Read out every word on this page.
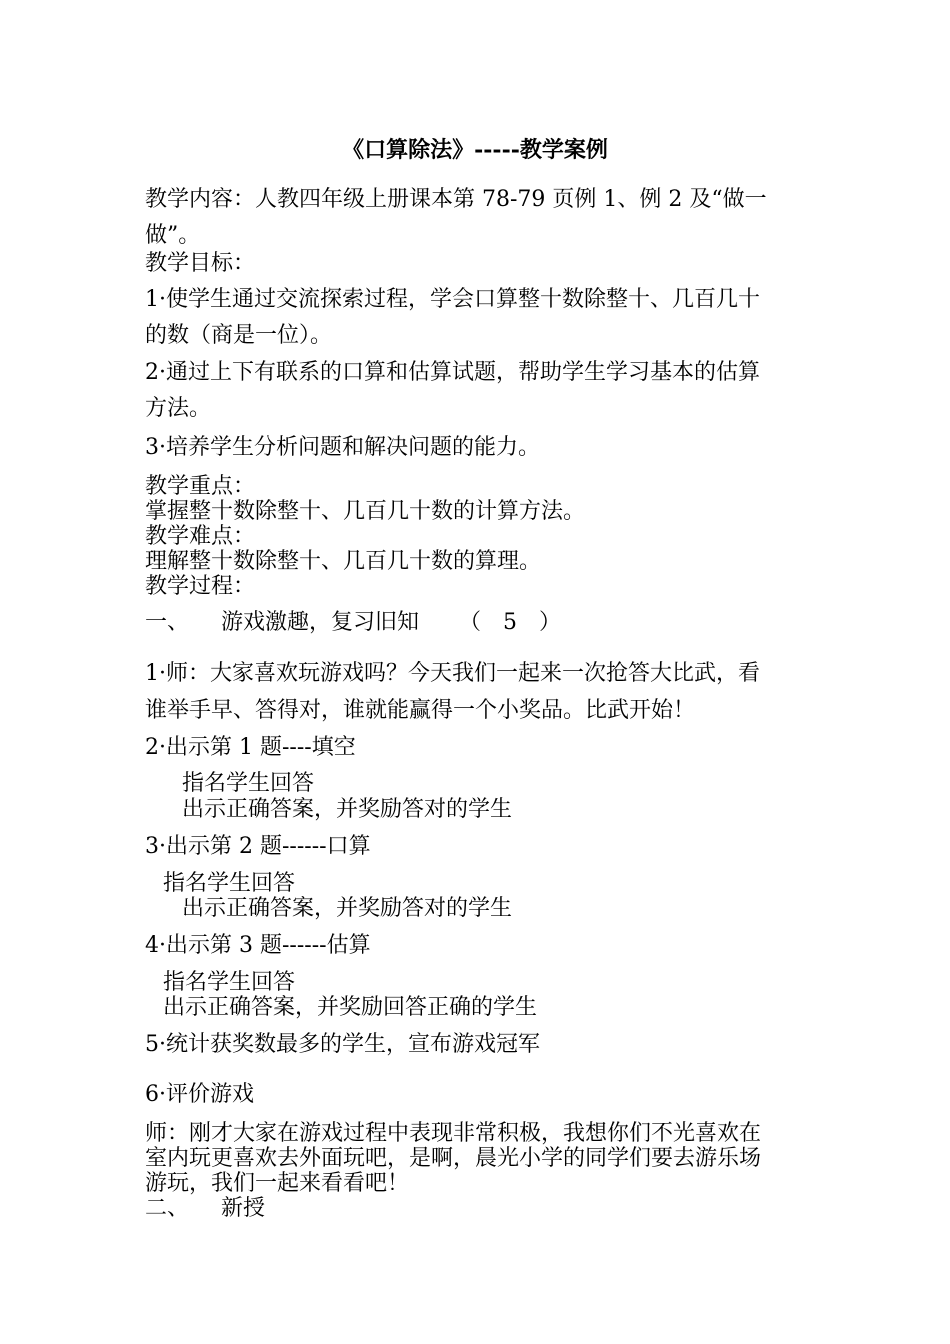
《口算除法》-----教学案例

教学内容：人教四年级上册课本第 78-79 页例 1、例 2 及“做一

做”。

教学目标：

1·使学生通过交流探索过程，学会口算整十数除整十、几百几十

的数（商是一位）。

2·通过上下有联系的口算和估算试题，帮助学生学习基本的估算

方法。

3·培养学生分析问题和解决问题的能力。

教学重点：

掌握整十数除整十、几百几十数的计算方法。

教学难点：

理解整十数除整十、几百几十数的算理。

教学过程：

一、 游戏激趣，复习旧知 （ 5 ）

1·师：大家喜欢玩游戏吗？今天我们一起来一次抢答大比武，看

谁举手早、答得对，谁就能赢得一个小奖品。比武开始！

2·出示第 1 题----填空

指名学生回答

出示正确答案，并奖励答对的学生

3·出示第 2 题------口算

指名学生回答

出示正确答案，并奖励答对的学生

4·出示第 3 题------估算

指名学生回答

出示正确答案，并奖励回答正确的学生

5·统计获奖数最多的学生，宣布游戏冠军

6·评价游戏

师：刚才大家在游戏过程中表现非常积极，我想你们不光喜欢在

室内玩更喜欢去外面玩吧，是啊，晨光小学的同学们要去游乐场

游玩，我们一起来看看吧！

二、 新授
